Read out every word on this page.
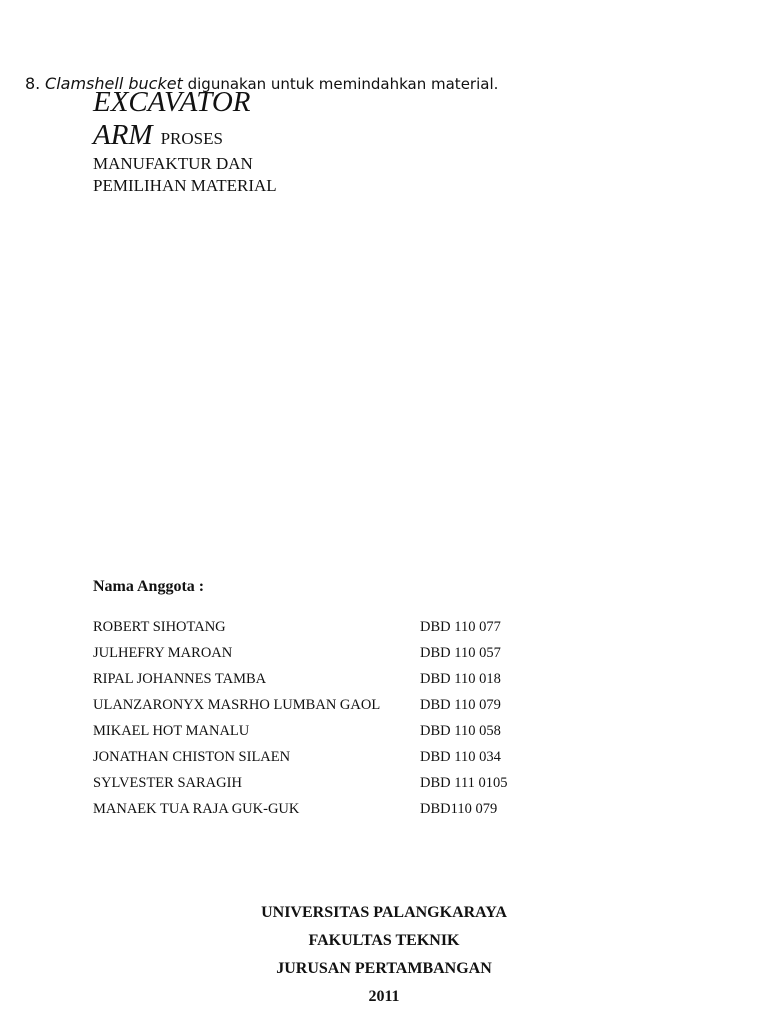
8. Clamshell bucket digunakan untuk memindahkan material.
EXCAVATOR
ARM PROSES
MANUFAKTUR DAN
PEMILIHAN MATERIAL
Nama Anggota :
ROBERT SIHOTANG	DBD 110 077
JULHEFRY MAROAN	DBD 110 057
RIPAL JOHANNES TAMBA	DBD 110 018
ULANZARONYX MASRHO LUMBAN GAOL	DBD 110 079
MIKAEL HOT MANALU	DBD 110 058
JONATHAN CHISTON SILAEN	DBD 110 034
SYLVESTER SARAGIH	DBD 111 0105
MANAEK TUA RAJA GUK-GUK	DBD110 079
UNIVERSITAS PALANGKARAYA
FAKULTAS TEKNIK
JURUSAN PERTAMBANGAN
2011
